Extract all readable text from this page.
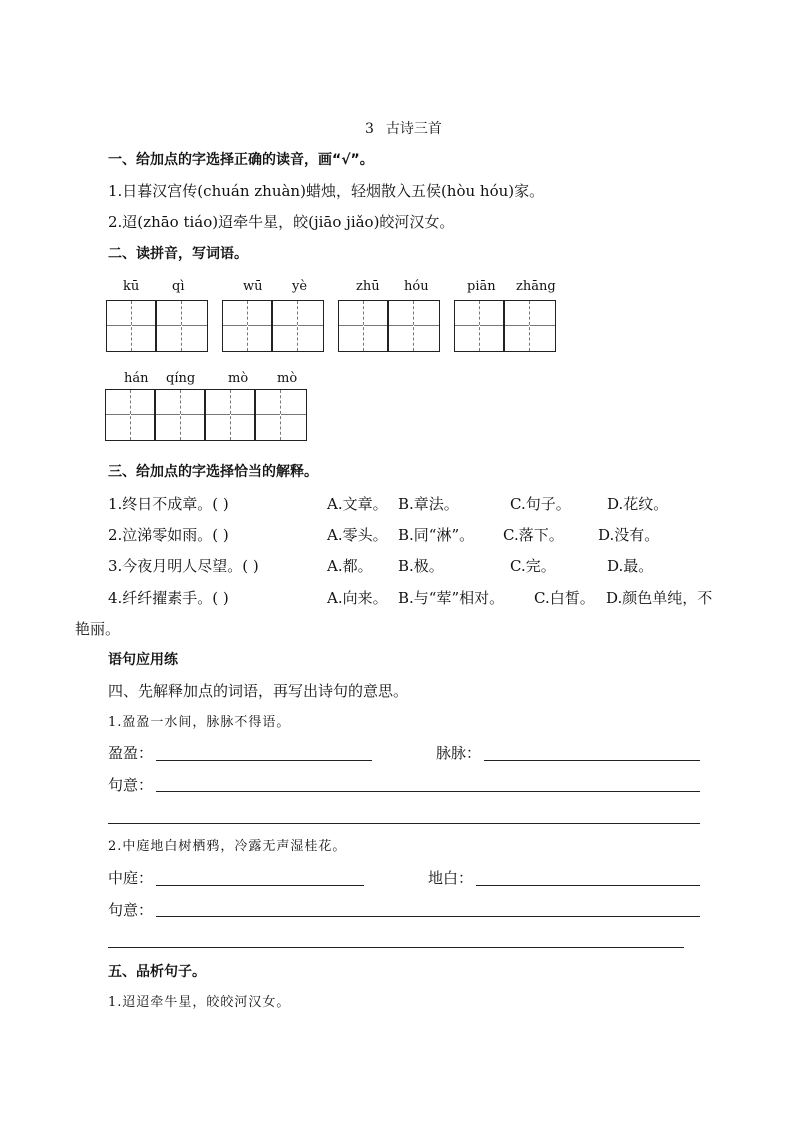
3 古诗三首
一、给加点的字选择正确的读音，画“√”。
1.日暮汉宫传(chuán zhuàn)蜡烛，轻烟散入五侯(hòu hóu)家。
2.迢(zhāo tiáo)迢牵牛星，皎(jiāo jiǎo)皎河汉女。
二、读拼音，写词语。
kū	qì	wū yè	zhū hóu	piān zhāng
hán qíng	mò mò
三、给加点的字选择恰当的解释。
1.终日不成章。( )	A.文章。 B.章法。	C.句子。 D.花纹。
2.泣涕零如雨。( )	A.零头。 B.同“淋”。 C.落下。 D.没有。
3.今夜月明人尽望。( )	A.都。 B.极。	C.完。	D.最。
4.纤纤擢素手。( )	A.向来。 B.与“荤”相对。 C.白皙。 D.颜色单纯，不
艳丽。
语句应用练
四、先解释加点的词语，再写出诗句的意思。
1.盈盈一水间，脉脉不得语。
盈盈：	脉脉：
句意：
2.中庭地白树栖鸦，冷露无声湿桂花。
中庭：	地白：
句意：
五、品析句子。
1.迢迢牵牛星，皎皎河汉女。
